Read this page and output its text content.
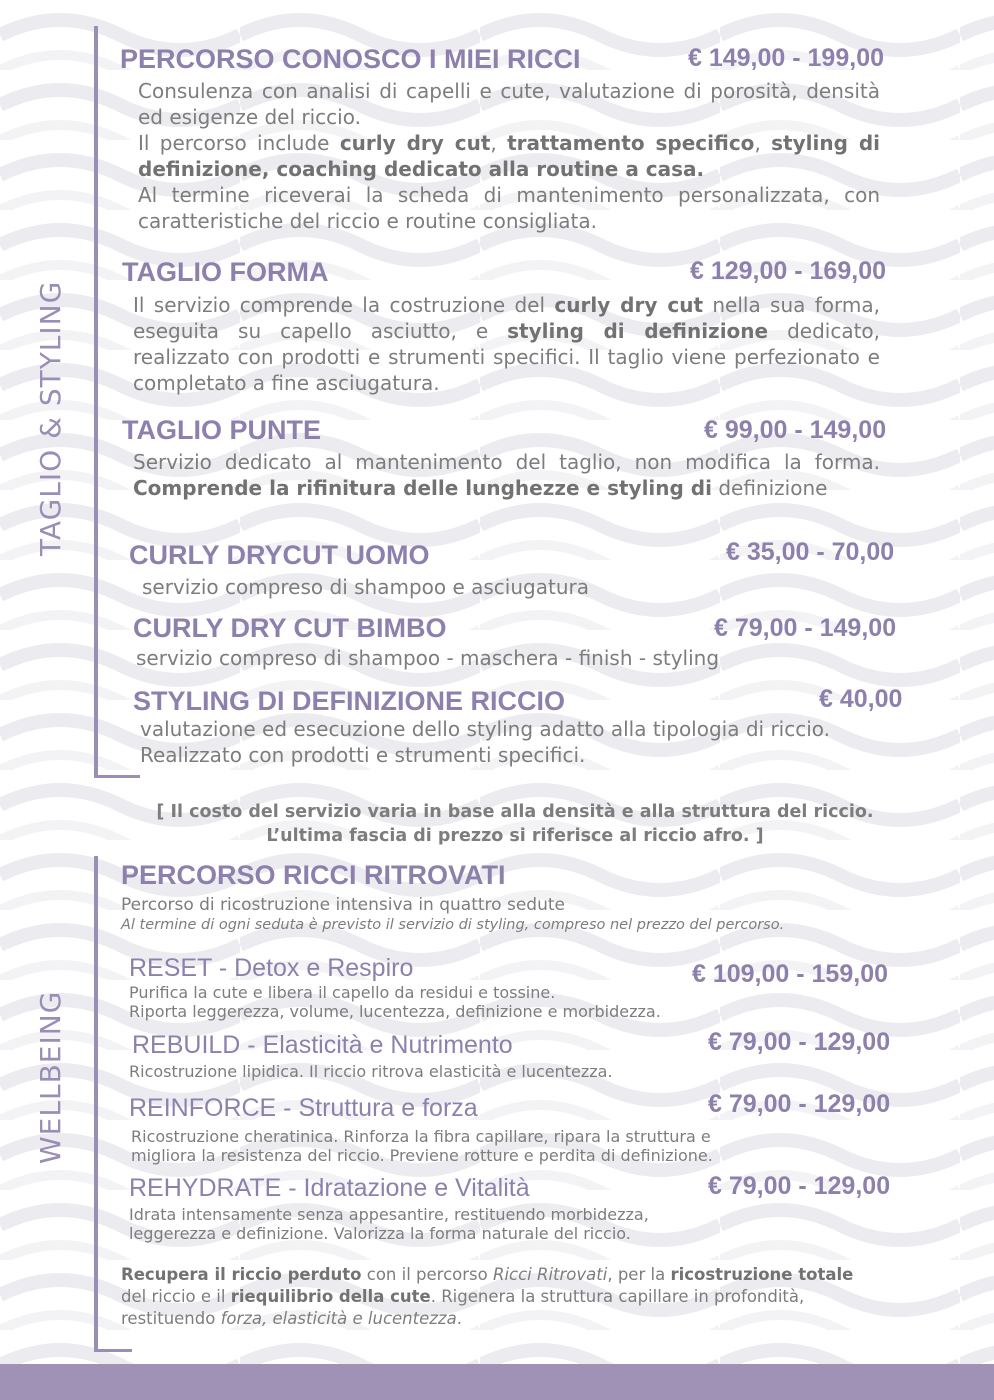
TAGLIO & STYLING
PERCORSO CONOSCO I MIEI RICCI	€ 149,00 - 199,00
Consulenza con analisi di capelli e cute, valutazione di porosità, densità ed esigenze del riccio.
Il percorso include curly dry cut, trattamento specifico, styling di definizione, coaching dedicato alla routine a casa.
Al termine riceverai la scheda di mantenimento personalizzata, con caratteristiche del riccio e routine consigliata.
TAGLIO FORMA	€ 129,00 - 169,00
Il servizio comprende la costruzione del curly dry cut nella sua forma, eseguita su capello asciutto, e styling di definizione dedicato, realizzato con prodotti e strumenti specifici. Il taglio viene perfezionato e completato a fine asciugatura.
TAGLIO PUNTE	€ 99,00 - 149,00
Servizio dedicato al mantenimento del taglio, non modifica la forma. Comprende la rifinitura delle lunghezze e styling di definizione
CURLY DRYCUT UOMO	€ 35,00 - 70,00
servizio compreso di shampoo e asciugatura
CURLY DRY CUT BIMBO	€ 79,00 - 149,00
servizio compreso di shampoo - maschera - finish - styling
STYLING DI DEFINIZIONE RICCIO	€ 40,00
valutazione ed esecuzione dello styling adatto alla tipologia di riccio. Realizzato con prodotti e strumenti specifici.
[ Il costo del servizio varia in base alla densità e alla struttura del riccio.
L’ultima fascia di prezzo si riferisce al riccio afro. ]
WELLBEING
PERCORSO RICCI RITROVATI
Percorso di ricostruzione intensiva in quattro sedute
Al termine di ogni seduta è previsto il servizio di styling, compreso nel prezzo del percorso.
RESET - Detox e Respiro	€ 109,00 - 159,00
Purifica la cute e libera il capello da residui e tossine.
Riporta leggerezza, volume, lucentezza, definizione e morbidezza.
REBUILD - Elasticità e Nutrimento	€ 79,00 - 129,00
Ricostruzione lipidica. Il riccio ritrova elasticità e lucentezza.
REINFORCE - Struttura e forza	€ 79,00 - 129,00
Ricostruzione cheratinica. Rinforza la fibra capillare, ripara la struttura e
migliora la resistenza del riccio. Previene rotture e perdita di definizione.
REHYDRATE - Idratazione e Vitalità	€ 79,00 - 129,00
Idrata intensamente senza appesantire, restituendo morbidezza,
leggerezza e definizione. Valorizza la forma naturale del riccio.
Recupera il riccio perduto con il percorso Ricci Ritrovati, per la ricostruzione totale del riccio e il riequilibrio della cute. Rigenera la struttura capillare in profondità, restituendo forza, elasticità e lucentezza.
